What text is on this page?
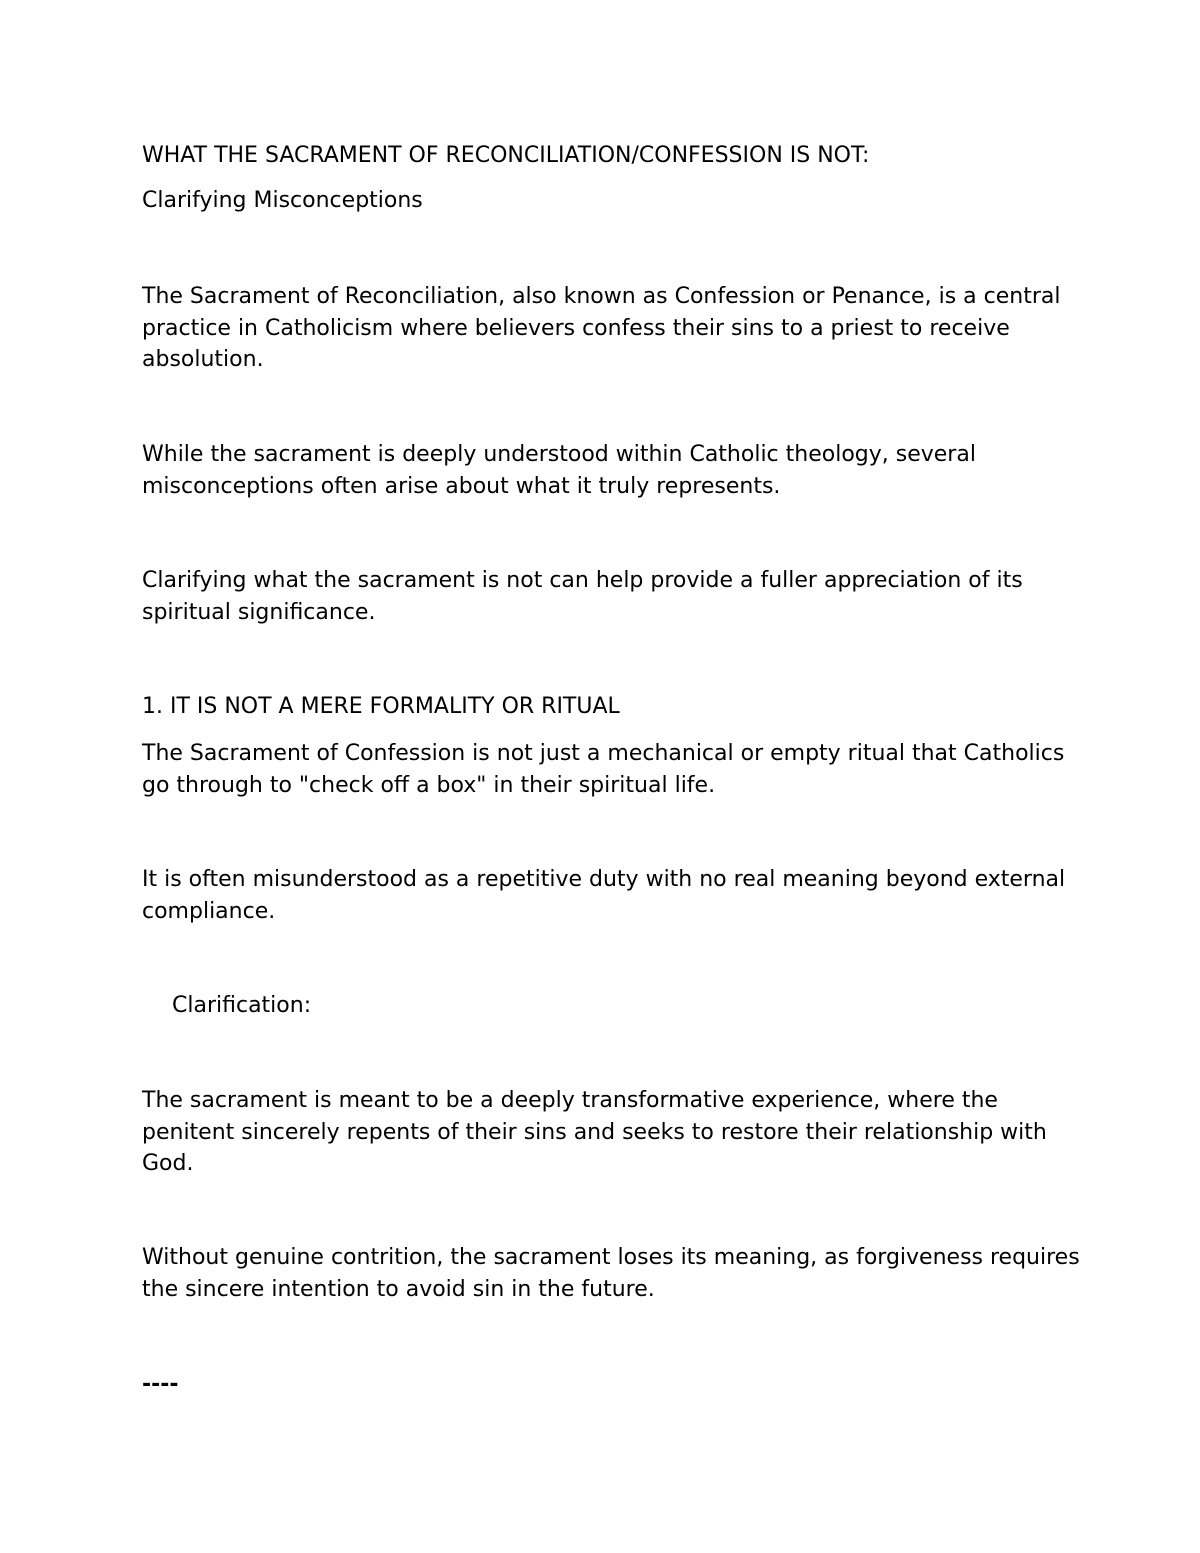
WHAT THE SACRAMENT OF RECONCILIATION/CONFESSION IS NOT:

Clarifying Misconceptions

The Sacrament of Reconciliation, also known as Confession or Penance, is a central practice in Catholicism where believers confess their sins to a priest to receive absolution.

While the sacrament is deeply understood within Catholic theology, several misconceptions often arise about what it truly represents.

Clarifying what the sacrament is not can help provide a fuller appreciation of its spiritual significance.

1. IT IS NOT A MERE FORMALITY OR RITUAL

The Sacrament of Confession is not just a mechanical or empty ritual that Catholics go through to "check off a box" in their spiritual life.

It is often misunderstood as a repetitive duty with no real meaning beyond external compliance.

Clarification:

The sacrament is meant to be a deeply transformative experience, where the penitent sincerely repents of their sins and seeks to restore their relationship with God.

Without genuine contrition, the sacrament loses its meaning, as forgiveness requires the sincere intention to avoid sin in the future.

----
